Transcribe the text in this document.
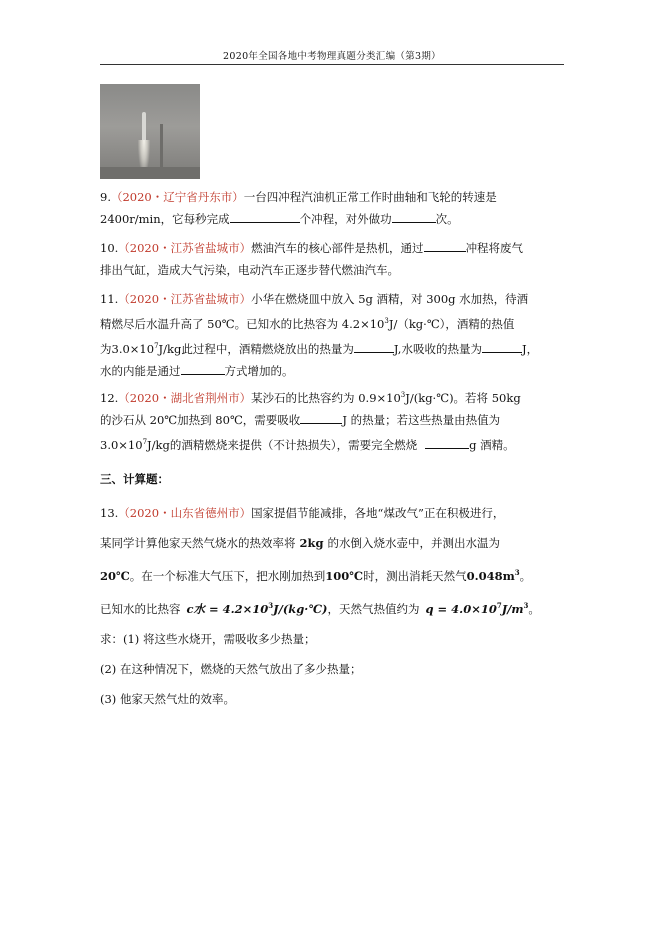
2020年全国各地中考物理真题分类汇编（第3期）
9.（2020・辽宁省丹东市）一台四冲程汽油机正常工作时曲轴和飞轮的转速是
2400r/min，它每秒完成	个冲程，对外做功	次。
10.（2020・江苏省盐城市）燃油汽车的核心部件是热机，通过	冲程将废气
排出气缸，造成大气污染，电动汽车正逐步替代燃油汽车。
11.（2020・江苏省盐城市）小华在燃烧皿中放入 5g 酒精，对 300g 水加热，待酒
精燃尽后水温升高了 50℃。已知水的比热容为 $4.2\times 10^3J/(kg\cdot℃)$，酒精的热值
为$3.0\times 10^7J/kg$此过程中，酒精燃烧放出的热量为	J,水吸收的热量为	J，
水的内能是通过	方式增加的。
12.（2020・湖北省荆州市）某沙石的比热容约为 $0.9\times 10^3J/(kg\cdot℃)$。若将 50kg
的沙石从 20℃加热到 80℃，需要吸收	J 的热量；若这些热量由热值为
$3.0\times 10^7J/kg$的酒精燃烧来提供（不计热损失），需要完全燃烧	g 酒精。
三、计算题：
13.（2020・山东省德州市）国家提倡节能减排，各地“煤改气”正在积极进行，
某同学计算他家天然气烧水的热效率将 2kg 的水倒入烧水壶中，并测出水温为
20℃。在一个标准大气压下，把水刚加热到100℃时，测出消耗天然气$0.048m^3$。
已知水的比热容 c水 = $4.2\times 10^3J/(kg\cdot℃)$，天然气热值约为 $q = 4.0\times 10^7J/m^3$。
求：(1) 将这些水烧开，需吸收多少热量；
(2) 在这种情况下，燃烧的天然气放出了多少热量；
(3) 他家天然气灶的效率。
